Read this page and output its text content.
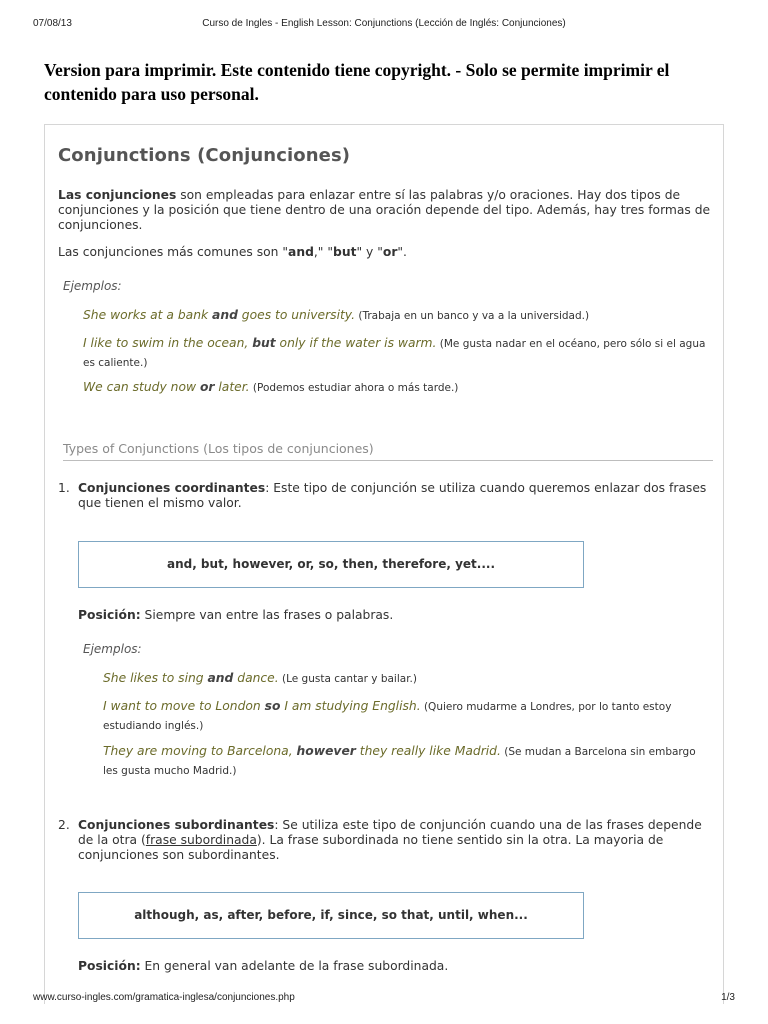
07/08/13	Curso de Ingles - English Lesson: Conjunctions (Lección de Inglés: Conjunciones)
Version para imprimir. Este contenido tiene copyright. - Solo se permite imprimir el contenido para uso personal.
Conjunctions (Conjunciones)
Las conjunciones son empleadas para enlazar entre sí las palabras y/o oraciones. Hay dos tipos de conjunciones y la posición que tiene dentro de una oración depende del tipo. Además, hay tres formas de conjunciones.
Las conjunciones más comunes son "and," "but" y "or".
Ejemplos:
She works at a bank and goes to university. (Trabaja en un banco y va a la universidad.)
I like to swim in the ocean, but only if the water is warm. (Me gusta nadar en el océano, pero sólo si el agua es caliente.)
We can study now or later. (Podemos estudiar ahora o más tarde.)
Types of Conjunctions (Los tipos de conjunciones)
1. Conjunciones coordinantes: Este tipo de conjunción se utiliza cuando queremos enlazar dos frases que tienen el mismo valor.
and, but, however, or, so, then, therefore, yet....
Posición: Siempre van entre las frases o palabras.
Ejemplos:
She likes to sing and dance. (Le gusta cantar y bailar.)
I want to move to London so I am studying English. (Quiero mudarme a Londres, por lo tanto estoy estudiando inglés.)
They are moving to Barcelona, however they really like Madrid. (Se mudan a Barcelona sin embargo les gusta mucho Madrid.)
2. Conjunciones subordinantes: Se utiliza este tipo de conjunción cuando una de las frases depende de la otra (frase subordinada). La frase subordinada no tiene sentido sin la otra. La mayoria de conjunciones son subordinantes.
although, as, after, before, if, since, so that, until, when...
Posición: En general van adelante de la frase subordinada.
www.curso-ingles.com/gramatica-inglesa/conjunciones.php	1/3
